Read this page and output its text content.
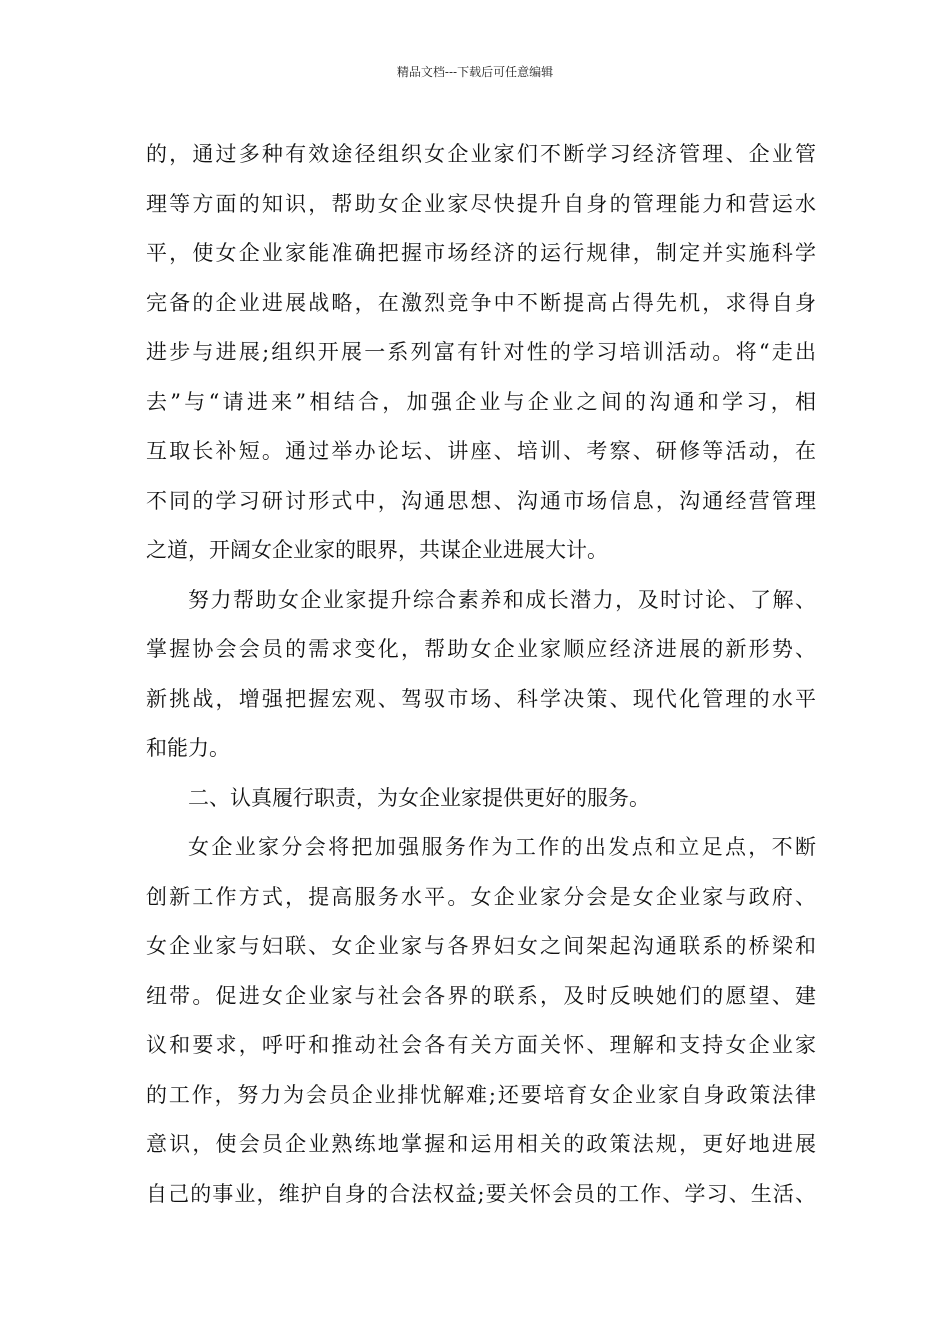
精品文档---下载后可任意编辑
的，通过多种有效途径组织女企业家们不断学习经济管理、企业管
理等方面的知识，帮助女企业家尽快提升自身的管理能力和营运水
平，使女企业家能准确把握市场经济的运行规律，制定并实施科学
完备的企业进展战略，在激烈竞争中不断提高占得先机，求得自身
进步与进展;组织开展一系列富有针对性的学习培训活动。将“走出
去”与“请进来”相结合，加强企业与企业之间的沟通和学习，相
互取长补短。通过举办论坛、讲座、培训、考察、研修等活动，在
不同的学习研讨形式中，沟通思想、沟通市场信息，沟通经营管理
之道，开阔女企业家的眼界，共谋企业进展大计。
努力帮助女企业家提升综合素养和成长潜力，及时讨论、了解、
掌握协会会员的需求变化，帮助女企业家顺应经济进展的新形势、
新挑战，增强把握宏观、驾驭市场、科学决策、现代化管理的水平
和能力。
二、认真履行职责，为女企业家提供更好的服务。
女企业家分会将把加强服务作为工作的出发点和立足点，不断
创新工作方式，提高服务水平。女企业家分会是女企业家与政府、
女企业家与妇联、女企业家与各界妇女之间架起沟通联系的桥梁和
纽带。促进女企业家与社会各界的联系，及时反映她们的愿望、建
议和要求，呼吁和推动社会各有关方面关怀、理解和支持女企业家
的工作，努力为会员企业排忧解难;还要培育女企业家自身政策法律
意识，使会员企业熟练地掌握和运用相关的政策法规，更好地进展
自己的事业，维护自身的合法权益;要关怀会员的工作、学习、生活、
